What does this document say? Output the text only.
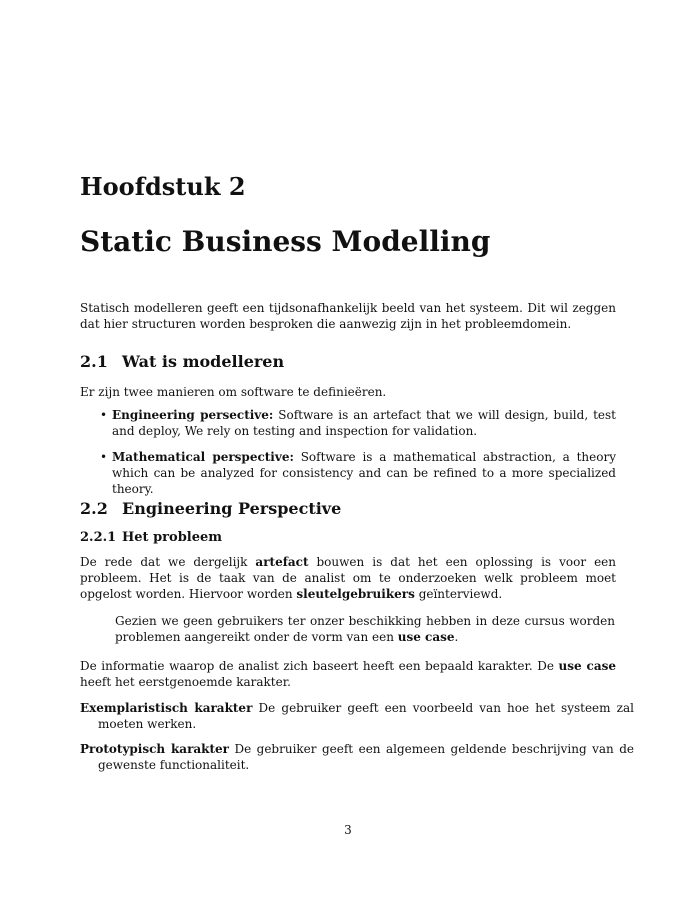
Hoofdstuk 2
Static Business Modelling

Statisch modelleren geeft een tijdsonafhankelijk beeld van het systeem. Dit wil zeggen dat hier structuren worden besproken die aanwezig zijn in het probleemdomein.

2.1 Wat is modelleren

Er zijn twee manieren om software te definieëren.

• Engineering persective: Software is an artefact that we will design, build, test and deploy, We rely on testing and inspection for validation.
• Mathematical perspective: Software is a mathematical abstraction, a theory which can be analyzed for consistency and can be refined to a more specialized theory.
2.2 Engineering Perspective
2.2.1 Het probleem

De rede dat we dergelijk artefact bouwen is dat het een oplossing is voor een probleem. Het is de taak van de analist om te onderzoeken welk probleem moet opgelost worden. Hiervoor worden sleutelgebruikers geïnterviewd.

Gezien we geen gebruikers ter onzer beschikking hebben in deze cursus worden problemen aangereikt onder de vorm van een use case.

De informatie waarop de analist zich baseert heeft een bepaald karakter. De use case heeft het eerstgenoemde karakter.

Exemplaristisch karakter De gebruiker geeft een voorbeeld van hoe het systeem zal moeten werken.

Prototypisch karakter De gebruiker geeft een algemeen geldende beschrijving van de gewenste functionaliteit.

3
